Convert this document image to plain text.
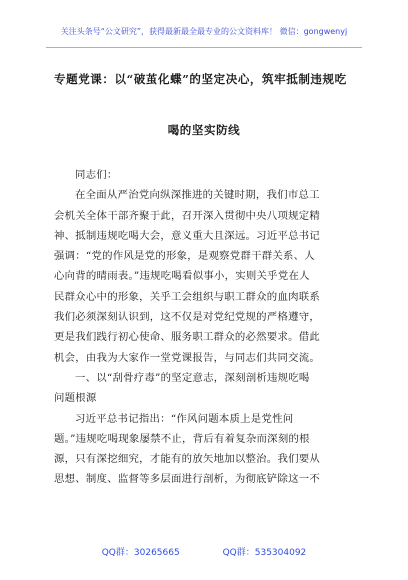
关注头条号“公文研究”，获得最新最全最专业的公文资料库！ 微信：gongwenyj
专题党课：以“破茧化蝶”的坚定决心，筑牢抵制违规吃
喝的坚实防线

同志们：

在全面从严治党向纵深推进的关键时期，我们市总工

会机关全体干部齐聚于此，召开深入贯彻中央八项规定精

神、抵制违规吃喝大会，意义重大且深远。习近平总书记

强调：“党的作风是党的形象，是观察党群干群关系、人

心向背的晴雨表。”违规吃喝看似事小，实则关乎党在人

民群众心中的形象，关乎工会组织与职工群众的血肉联系

我们必须深刻认识到，这不仅是对党纪党规的严格遵守，

更是我们践行初心使命、服务职工群众的必然要求。借此

机会，由我为大家作一堂党课报告，与同志们共同交流。

一、以“刮骨疗毒”的坚定意志，深刻剖析违规吃喝

问题根源

习近平总书记指出：“作风问题本质上是党性问

题。”违规吃喝现象屡禁不止，背后有着复杂而深刻的根

源，只有深挖细究，才能有的放矢地加以整治。我们要从

思想、制度、监督等多层面进行剖析，为彻底铲除这一不

QQ群：30265665	QQ群：535304092
